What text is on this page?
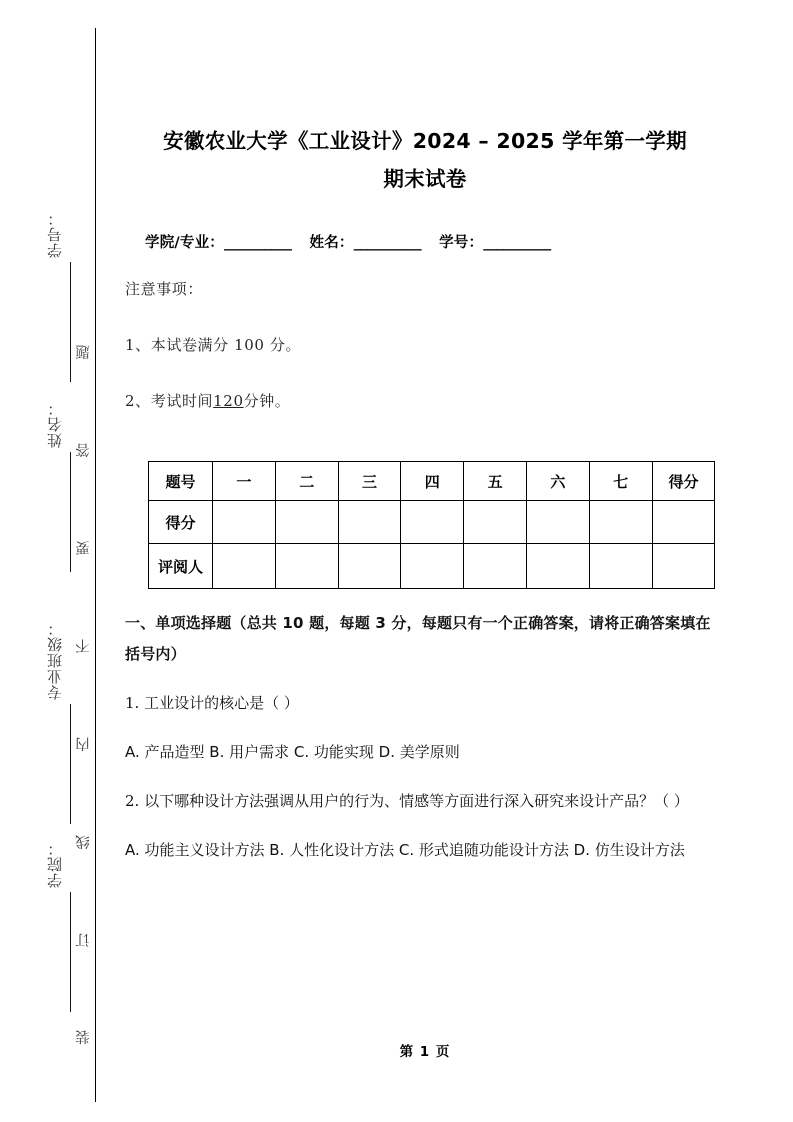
题
答
要
不
内
线
订
装
学号：
姓名：
专业班级：
学院：
安徽农业大学《工业设计》2024 – 2025 学年第一学期
期末试卷
学院/专业：__________ 姓名：__________ 学号：__________
注意事项：
1、本试卷满分 100 分。
2、考试时间120分钟。
题号	一	二	三	四	五	六	七	得分
得分								
评阅人								
一、单项选择题（总共 10 题，每题 3 分，每题只有一个正确答案，请将正确答案填在括号内）
1. 工业设计的核心是（ ）
A. 产品造型 B. 用户需求 C. 功能实现 D. 美学原则
2. 以下哪种设计方法强调从用户的行为、情感等方面进行深入研究来设计产品？（ ）
A. 功能主义设计方法 B. 人性化设计方法 C. 形式追随功能设计方法 D. 仿生设计方法
第 1 页
